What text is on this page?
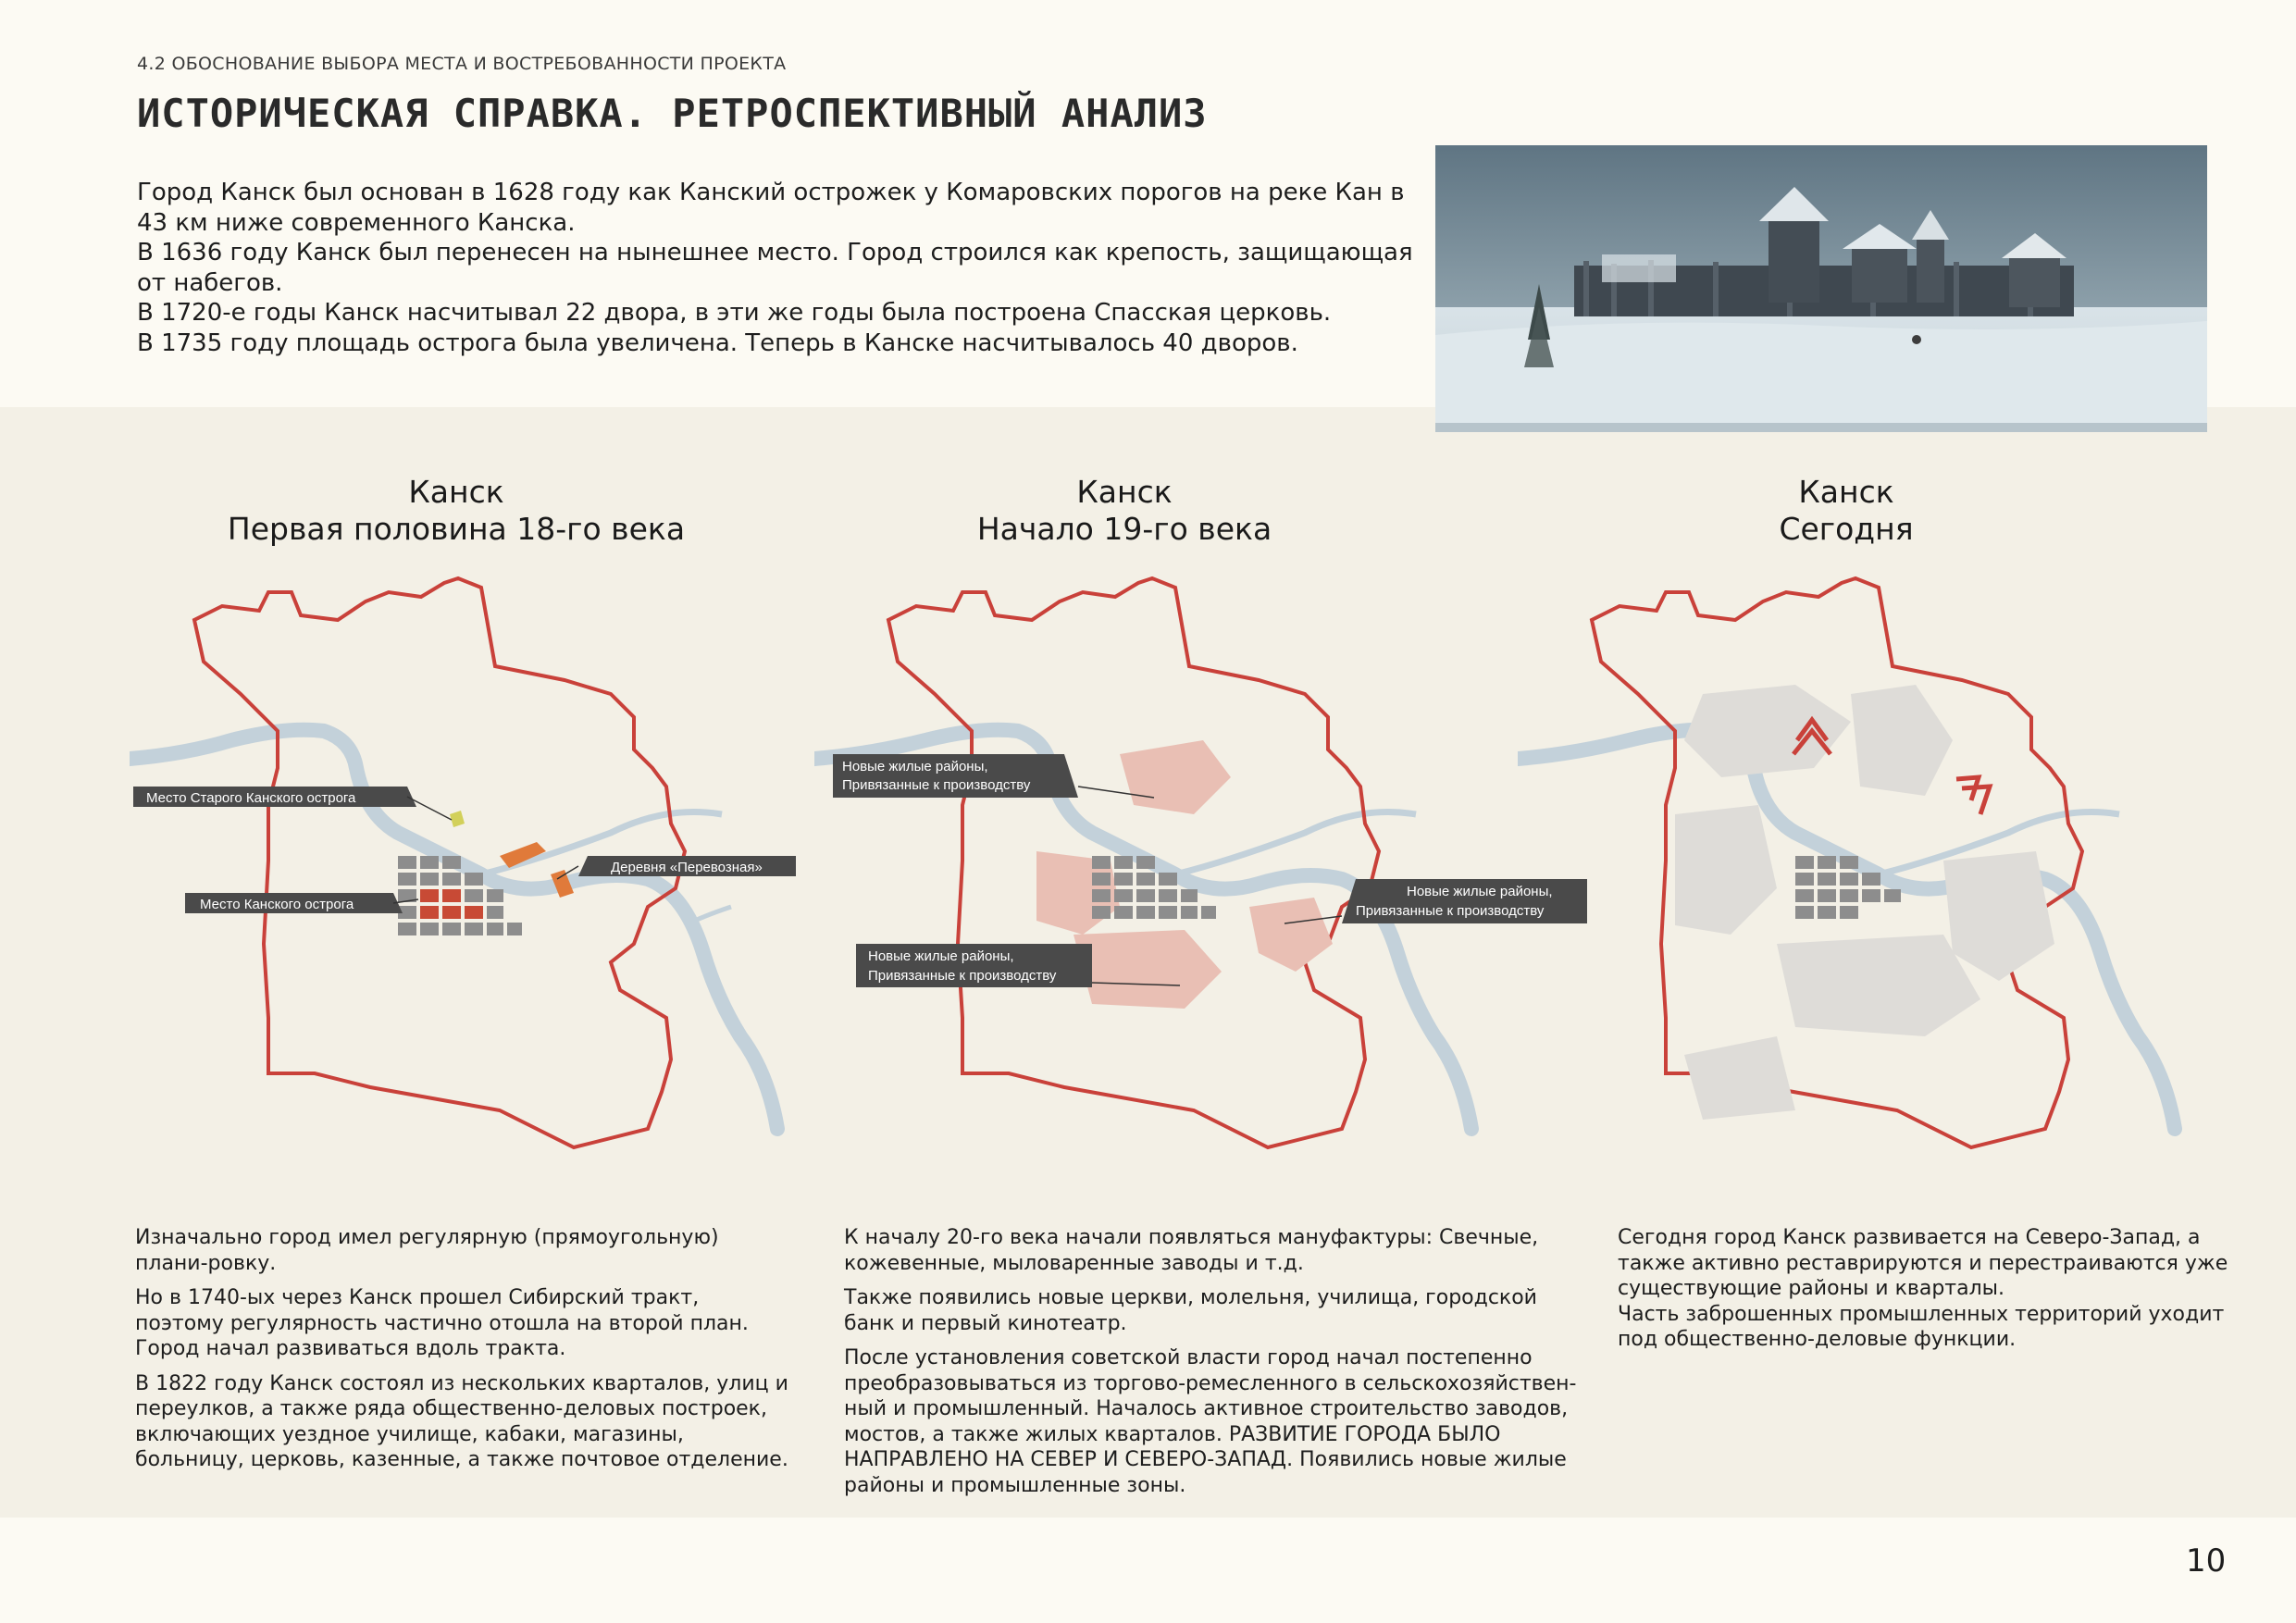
4.2 ОБОСНОВАНИЕ ВЫБОРА МЕСТА И ВОСТРЕБОВАННОСТИ ПРОЕКТА
ИСТОРИЧЕСКАЯ СПРАВКА. РЕТРОСПЕКТИВНЫЙ АНАЛИЗ

Город Канск был основан в 1628 году как Канский острожек у Комаровских порогов на реке Кан в 43 км ниже современного Канска.

В 1636 году Канск был перенесен на нынешнее место. Город строился как крепость, защищающая от набегов.

В 1720-е годы Канск насчитывал 22 двора, в эти же годы была построена Спасская церковь.

В 1735 году площадь острога была увеличена. Теперь в Канске насчитывалось 40 дворов.

Канск
Первая половина 18-го века
Место Старого Канского острога
Деревня «Перевозная»
Место Канского острога
Канск
Начало 19-го века
Новые жилые районы,
Привязанные к производству
Новые жилые районы,
Привязанные к производству
Новые жилые районы,
Привязанные к производству
Канск
Сегодня

Изначально город имел регулярную (прямоугольную) плани-ровку.

Но в 1740-ых через Канск прошел Сибирский тракт, поэтому регулярность частично отошла на второй план. Город начал развиваться вдоль тракта.

В 1822 году Канск состоял из нескольких кварталов, улиц и переулков, а также ряда общественно-деловых построек, включающих уездное училище, кабаки, магазины, больницу, церковь, казенные, а также почтовое отделение.

К началу 20-го века начали появляться мануфактуры: Свечные, кожевенные, мыловаренные заводы и т.д.

Также появились новые церкви, молельня, училища, городской банк и первый кинотеатр.

После установления советской власти город начал постепенно преобразовываться из торгово-ремесленного в сельскохозяйствен-ный и промышленный. Началось активное строительство заводов, мостов, а также жилых кварталов. РАЗВИТИЕ ГОРОДА БЫЛО НАПРАВЛЕНО НА СЕВЕР И СЕВЕРО-ЗАПАД. Появились новые жилые районы и промышленные зоны.

Сегодня город Канск развивается на Северо-Запад, а также активно реставрируются и перестраиваются уже существующие районы и кварталы.

Часть заброшенных промышленных территорий уходит под общественно-деловые функции.

10
